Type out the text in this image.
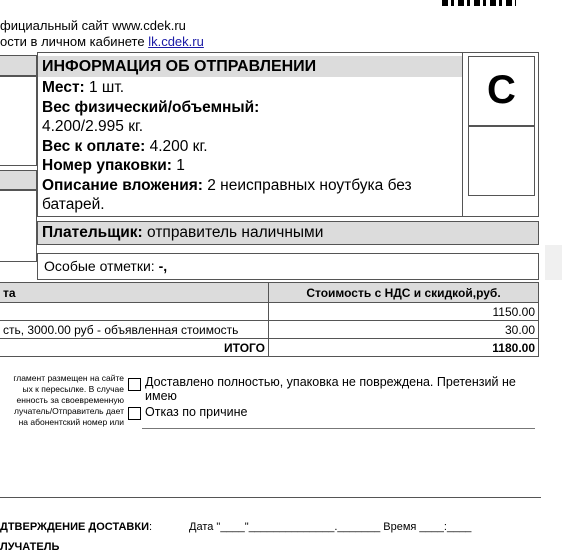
фициальный сайт www.cdek.ru
ости в личном кабинете lk.cdek.ru
ИНФОРМАЦИЯ ОБ ОТПРАВЛЕНИИ
Мест: 1 шт.
Вес физический/объемный:
4.200/2.995 кг.
Вес к оплате: 4.200 кг.
Номер упаковки: 1
Описание вложения: 2 неисправных ноутбука без
батарей.
C
Плательщик: отправитель наличными
Особые отметки: -,
та	Стоимость с НДС и скидкой,руб.
	1150.00
сть, 3000.00 руб - объявленная стоимость	30.00
ИТОГО	1180.00
гламент размещен на сайте
ых к пересылке. В случае
енность за своевременную
лучатель/Отправитель дает
на абонентский номер или
Доставлено полностью, упаковка не повреждена. Претензий не
имею
Отказ по причине
ДТВЕРЖДЕНИЕ ДОСТАВКИ:	Дата "____"______________._______ Время ____:____
ЛУЧАТЕЛЬ
